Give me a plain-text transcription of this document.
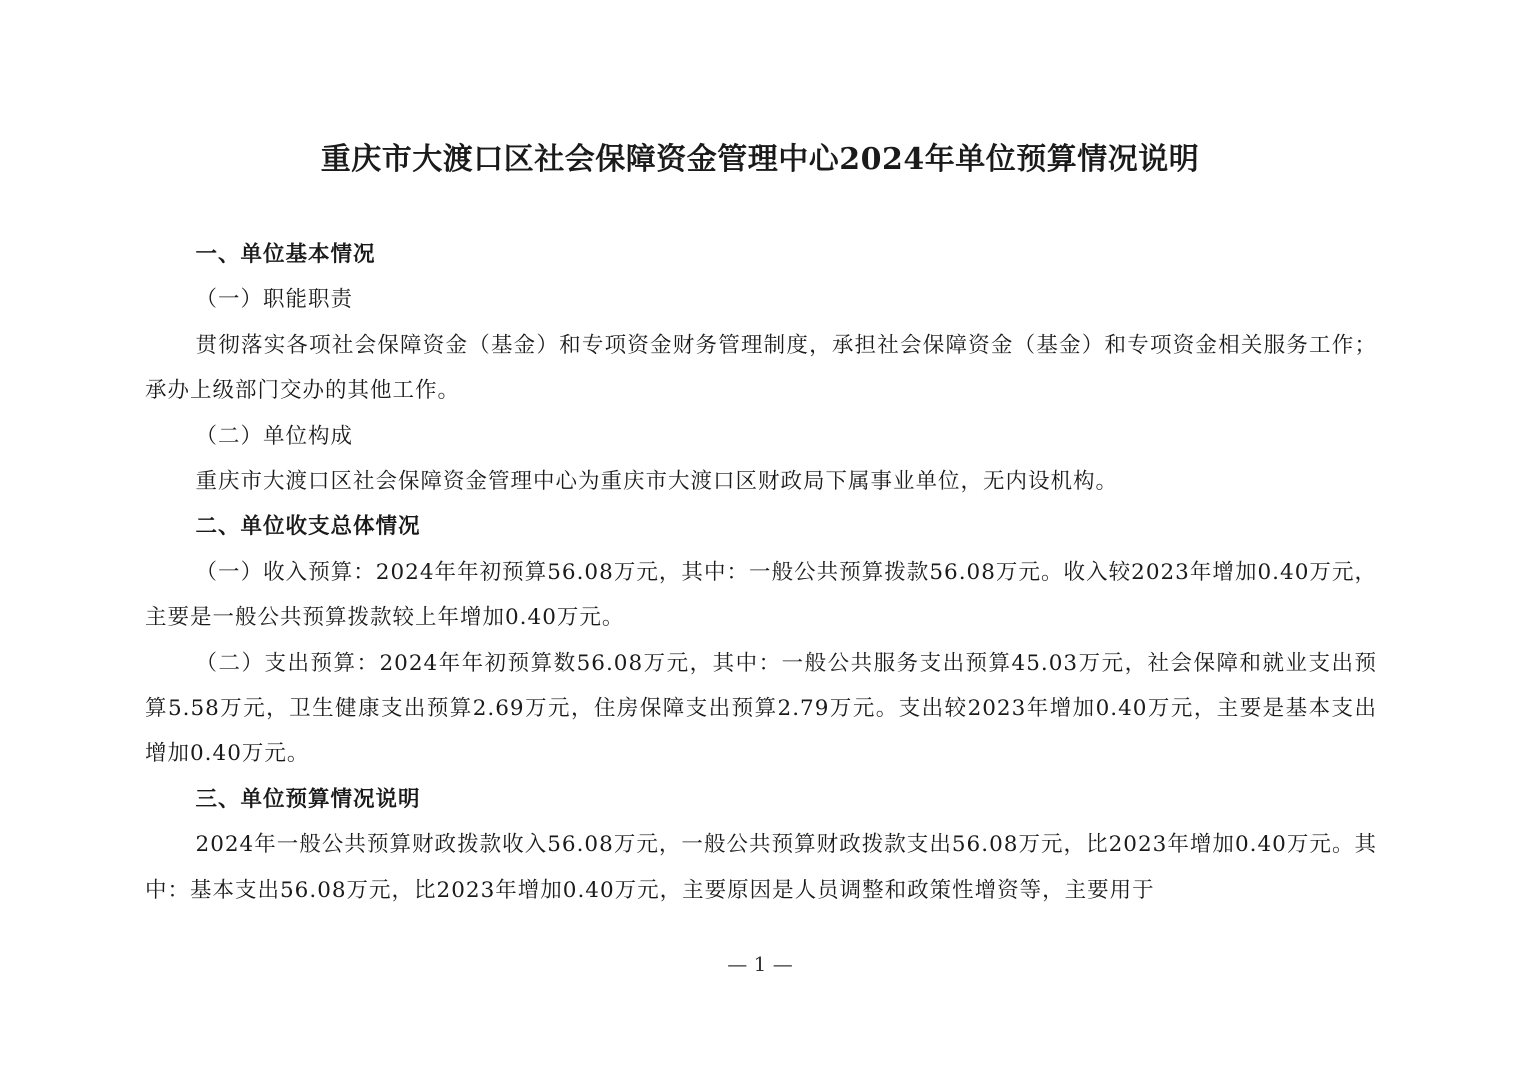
重庆市大渡口区社会保障资金管理中心2024年单位预算情况说明

一、单位基本情况

（一）职能职责

贯彻落实各项社会保障资金（基金）和专项资金财务管理制度，承担社会保障资金（基金）和专项资金相关服务工作；承办上级部门交办的其他工作。

（二）单位构成

重庆市大渡口区社会保障资金管理中心为重庆市大渡口区财政局下属事业单位，无内设机构。

二、单位收支总体情况

（一）收入预算：2024年年初预算56.08万元，其中：一般公共预算拨款56.08万元。收入较2023年增加0.40万元，主要是一般公共预算拨款较上年增加0.40万元。

（二）支出预算：2024年年初预算数56.08万元，其中：一般公共服务支出预算45.03万元，社会保障和就业支出预算5.58万元，卫生健康支出预算2.69万元，住房保障支出预算2.79万元。支出较2023年增加0.40万元，主要是基本支出增加0.40万元。

三、单位预算情况说明

2024年一般公共预算财政拨款收入56.08万元，一般公共预算财政拨款支出56.08万元，比2023年增加0.40万元。其中：基本支出56.08万元，比2023年增加0.40万元，主要原因是人员调整和政策性增资等，主要用于

— 1 —
